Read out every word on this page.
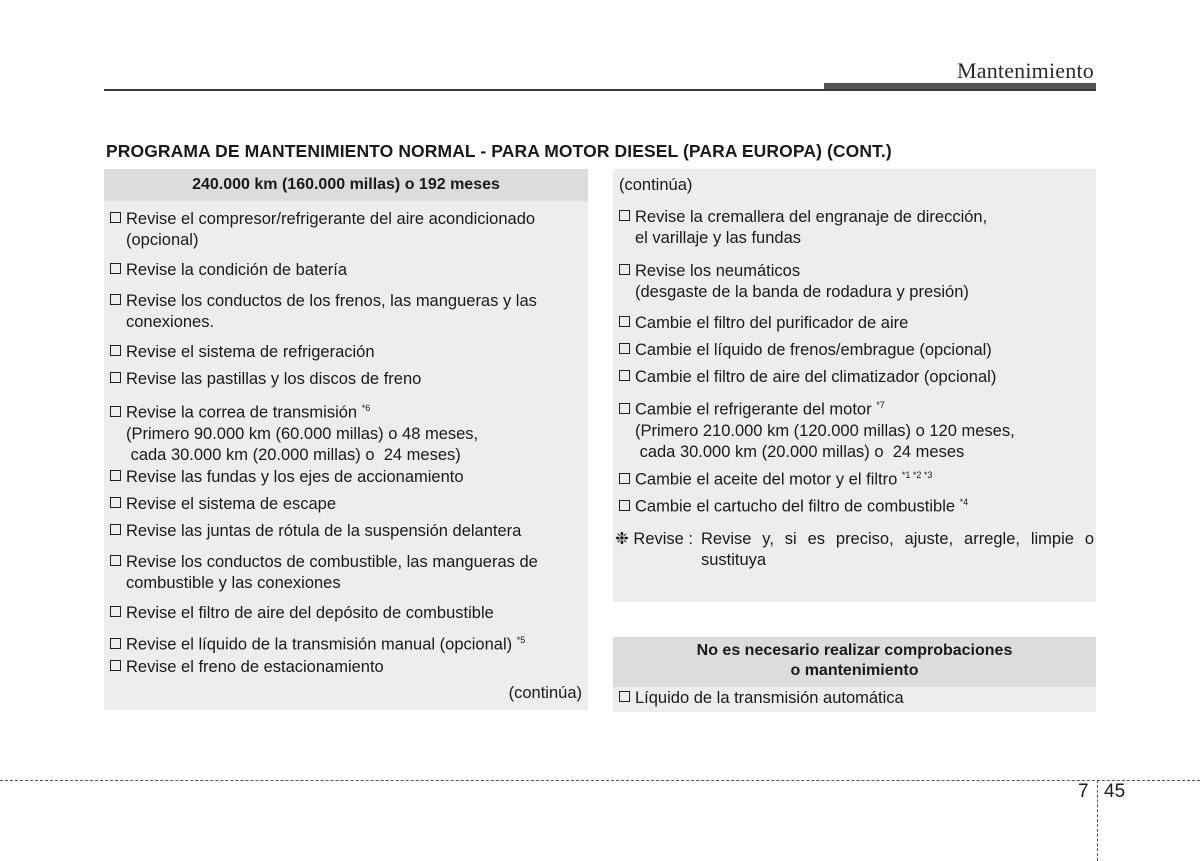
Mantenimiento
PROGRAMA DE MANTENIMIENTO NORMAL - PARA MOTOR DIESEL (PARA EUROPA) (CONT.)
240.000 km (160.000 millas) o 192 meses
Revise el compresor/refrigerante del aire acondicionado
(opcional)
Revise la condición de batería
Revise los conductos de los frenos, las mangueras y las
conexiones.
Revise el sistema de refrigeración
Revise las pastillas y los discos de freno
Revise la correa de transmisión $^{*6}$
(Primero 90.000 km (60.000 millas) o 48 meses,
cada 30.000 km (20.000 millas) o  24 meses)
Revise las fundas y los ejes de accionamiento
Revise el sistema de escape
Revise las juntas de rótula de la suspensión delantera
Revise los conductos de combustible, las mangueras de
combustible y las conexiones
Revise el filtro de aire del depósito de combustible
Revise el líquido de la transmisión manual (opcional) $^{*5}$
Revise el freno de estacionamiento
(continúa)
(continúa)
Revise la cremallera del engranaje de dirección,
el varillaje y las fundas
Revise los neumáticos
(desgaste de la banda de rodadura y presión)
Cambie el filtro del purificador de aire
Cambie el líquido de frenos/embrague (opcional)
Cambie el filtro de aire del climatizador (opcional)
Cambie el refrigerante del motor $^{*7}$
(Primero 210.000 km (120.000 millas) o 120 meses,
cada 30.000 km (20.000 millas) o  24 meses
Cambie el aceite del motor y el filtro $^{*1 *2 *3}$
Cambie el cartucho del filtro de combustible $^{*4}$
❉ Revise : Revise y, si es preciso, ajuste, arregle, limpie o sustituya
No es necesario realizar comprobaciones
o mantenimiento
Líquido de la transmisión automática
7 45
